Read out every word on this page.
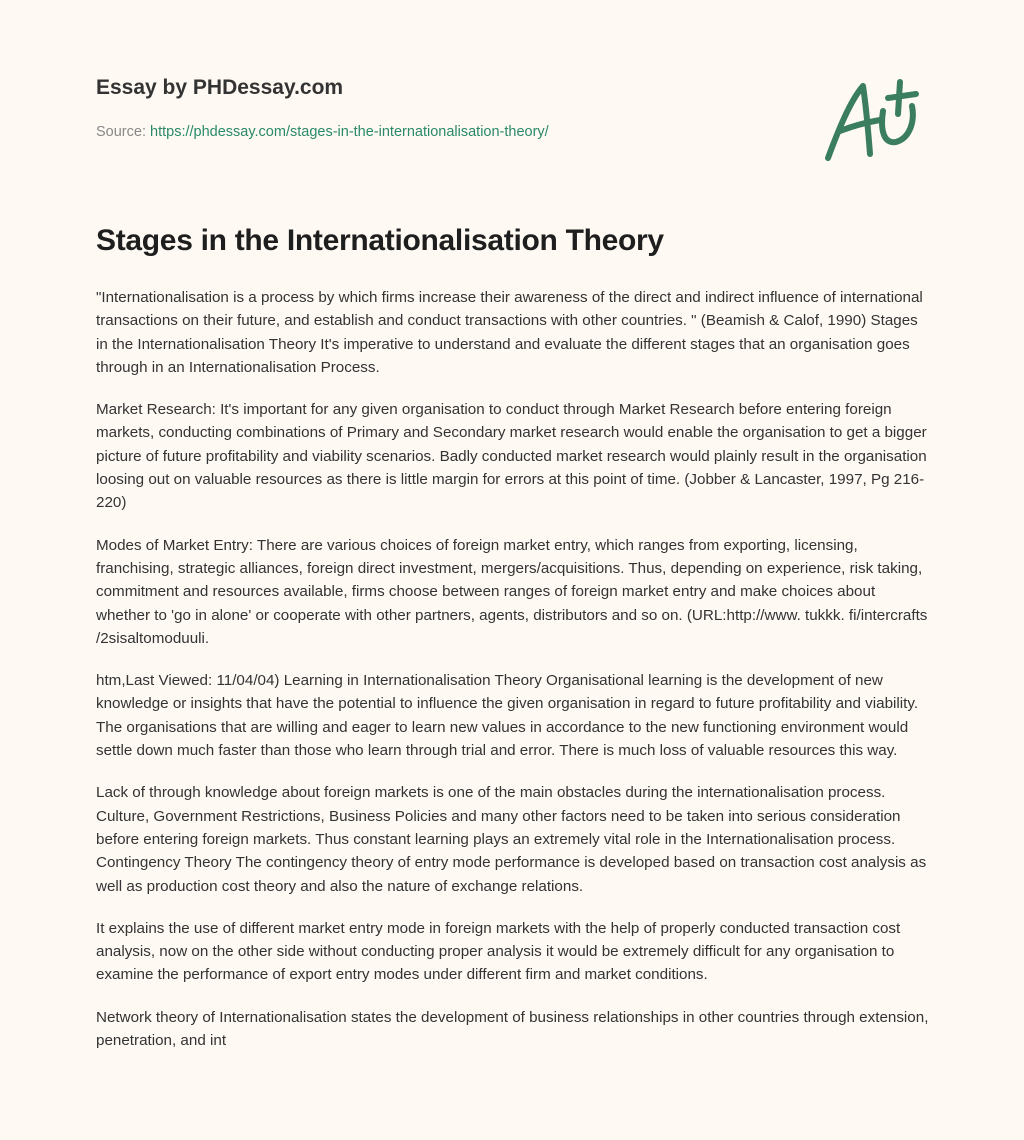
Essay by PHDessay.com
Source: https://phdessay.com/stages-in-the-internationalisation-theory/
Stages in the Internationalisation Theory

"Internationalisation is a process by which firms increase their awareness of the direct and indirect influence of international transactions on their future, and establish and conduct transactions with other countries. " (Beamish & Calof, 1990) Stages in the Internationalisation Theory It's imperative to understand and evaluate the different stages that an organisation goes through in an Internationalisation Process.

Market Research: It's important for any given organisation to conduct through Market Research before entering foreign markets, conducting combinations of Primary and Secondary market research would enable the organisation to get a bigger picture of future profitability and viability scenarios. Badly conducted market research would plainly result in the organisation loosing out on valuable resources as there is little margin for errors at this point of time. (Jobber & Lancaster, 1997, Pg 216-220)

Modes of Market Entry: There are various choices of foreign market entry, which ranges from exporting, licensing, franchising, strategic alliances, foreign direct investment, mergers/acquisitions. Thus, depending on experience, risk taking, commitment and resources available, firms choose between ranges of foreign market entry and make choices about whether to 'go in alone' or cooperate with other partners, agents, distributors and so on. (URL:http://www. tukkk. fi/intercrafts /2sisaltomoduuli.

htm,Last Viewed: 11/04/04) Learning in Internationalisation Theory Organisational learning is the development of new knowledge or insights that have the potential to influence the given organisation in regard to future profitability and viability. The organisations that are willing and eager to learn new values in accordance to the new functioning environment would settle down much faster than those who learn through trial and error. There is much loss of valuable resources this way.

Lack of through knowledge about foreign markets is one of the main obstacles during the internationalisation process. Culture, Government Restrictions, Business Policies and many other factors need to be taken into serious consideration before entering foreign markets. Thus constant learning plays an extremely vital role in the Internationalisation process. Contingency Theory The contingency theory of entry mode performance is developed based on transaction cost analysis as well as production cost theory and also the nature of exchange relations.

It explains the use of different market entry mode in foreign markets with the help of properly conducted transaction cost analysis, now on the other side without conducting proper analysis it would be extremely difficult for any organisation to examine the performance of export entry modes under different firm and market conditions.

Network theory of Internationalisation states the development of business relationships in other countries through extension, penetration, and int
